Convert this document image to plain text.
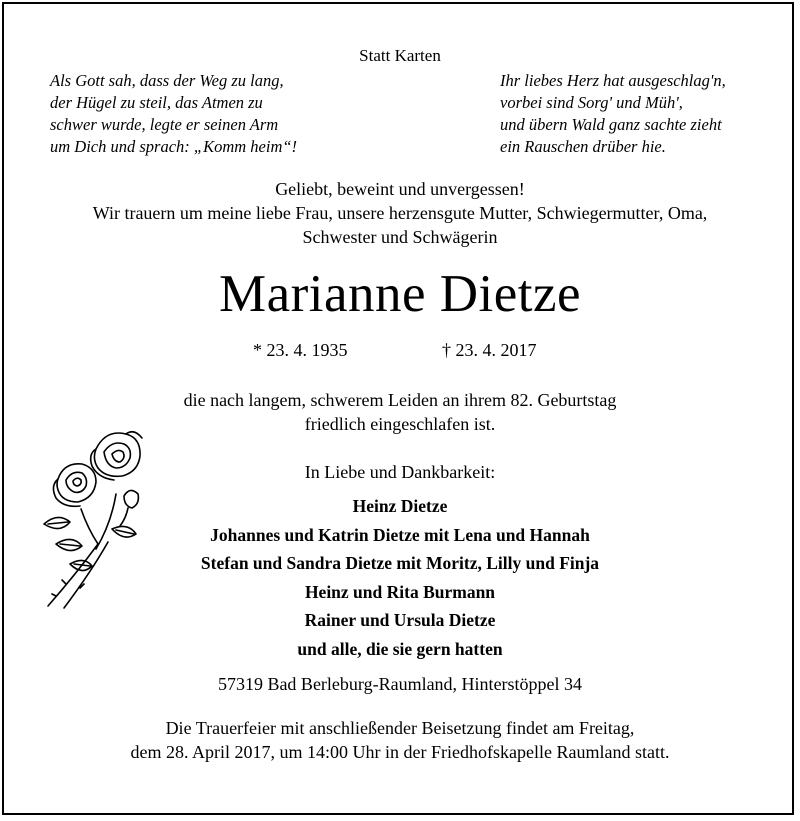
Statt Karten
Als Gott sah, dass der Weg zu lang,
der Hügel zu steil, das Atmen zu
schwer wurde, legte er seinen Arm
um Dich und sprach: „Komm heim“!
Ihr liebes Herz hat ausgeschlag'n,
vorbei sind Sorg' und Müh',
und übern Wald ganz sachte zieht
ein Rauschen drüber hie.
Geliebt, beweint und unvergessen!
Wir trauern um meine liebe Frau, unsere herzensgute Mutter, Schwiegermutter, Oma,
Schwester und Schwägerin
Marianne Dietze
* 23. 4. 1935	† 23. 4. 2017
die nach langem, schwerem Leiden an ihrem 82. Geburtstag
friedlich eingeschlafen ist.
In Liebe und Dankbarkeit:
Heinz Dietze
Johannes und Katrin Dietze mit Lena und Hannah
Stefan und Sandra Dietze mit Moritz, Lilly und Finja
Heinz und Rita Burmann
Rainer und Ursula Dietze
und alle, die sie gern hatten
57319 Bad Berleburg-Raumland, Hinterstöppel 34
Die Trauerfeier mit anschließender Beisetzung findet am Freitag,
dem 28. April 2017, um 14:00 Uhr in der Friedhofskapelle Raumland statt.
